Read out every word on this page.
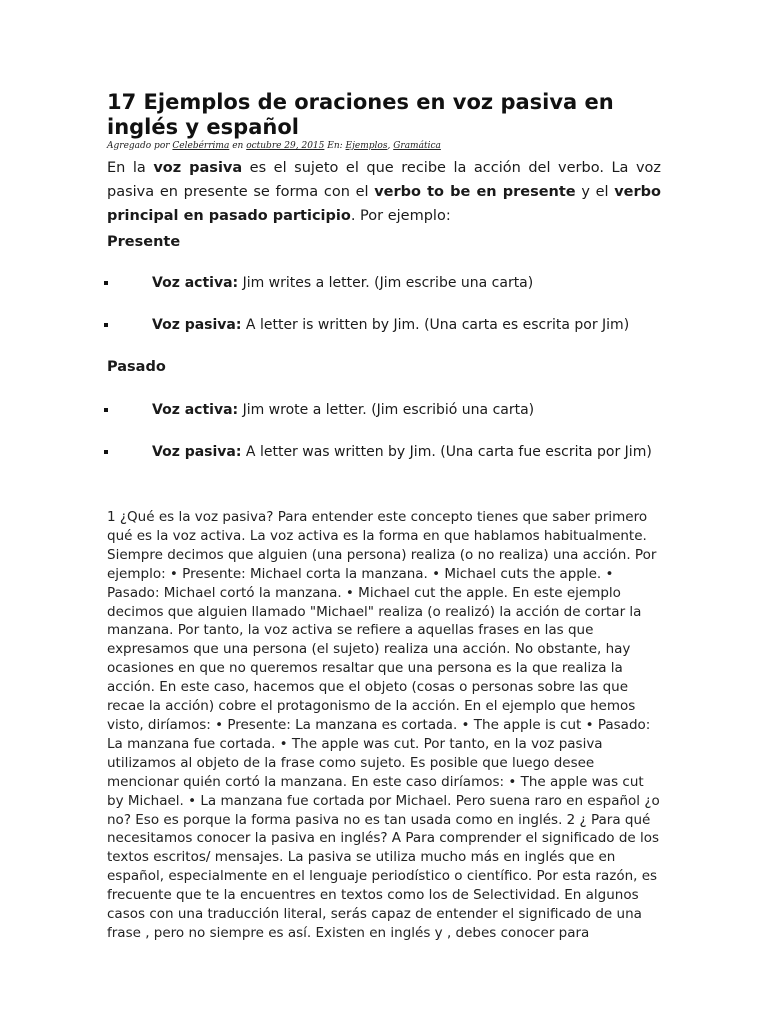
17 Ejemplos de oraciones en voz pasiva en inglés y español
Agregado por Celebérrima en octubre 29, 2015 En: Ejemplos, Gramática

En la voz pasiva es el sujeto el que recibe la acción del verbo. La voz pasiva en presente se forma con el verbo to be en presente y el verbo principal en pasado participio. Por ejemplo:

Presente
Voz activa: Jim writes a letter. (Jim escribe una carta)
Voz pasiva: A letter is written by Jim. (Una carta es escrita por Jim)
Pasado
Voz activa: Jim wrote a letter. (Jim escribió una carta)
Voz pasiva: A letter was written by Jim. (Una carta fue escrita por Jim)

1 ¿Qué es la voz pasiva? Para entender este concepto tienes que saber primero qué es la voz activa. La voz activa es la forma en que hablamos habitualmente. Siempre decimos que alguien (una persona) realiza (o no realiza) una acción. Por ejemplo: • Presente: Michael corta la manzana. • Michael cuts the apple. • Pasado: Michael cortó la manzana. • Michael cut the apple. En este ejemplo decimos que alguien llamado "Michael" realiza (o realizó) la acción de cortar la manzana. Por tanto, la voz activa se refiere a aquellas frases en las que expresamos que una persona (el sujeto) realiza una acción. No obstante, hay ocasiones en que no queremos resaltar que una persona es la que realiza la acción. En este caso, hacemos que el objeto (cosas o personas sobre las que recae la acción) cobre el protagonismo de la acción. En el ejemplo que hemos visto, diríamos: • Presente: La manzana es cortada. • The apple is cut • Pasado: La manzana fue cortada. • The apple was cut. Por tanto, en la voz pasiva utilizamos al objeto de la frase como sujeto. Es posible que luego desee mencionar quién cortó la manzana. En este caso diríamos: • The apple was cut by Michael. • La manzana fue cortada por Michael. Pero suena raro en español ¿o no? Eso es porque la forma pasiva no es tan usada como en inglés. 2 ¿ Para qué necesitamos conocer la pasiva en inglés? A Para comprender el significado de los textos escritos/ mensajes. La pasiva se utiliza mucho más en inglés que en español, especialmente en el lenguaje periodístico o científico. Por esta razón, es frecuente que te la encuentres en textos como los de Selectividad. En algunos casos con una traducción literal, serás capaz de entender el significado de una frase , pero no siempre es así. Existen en inglés y , debes conocer para
